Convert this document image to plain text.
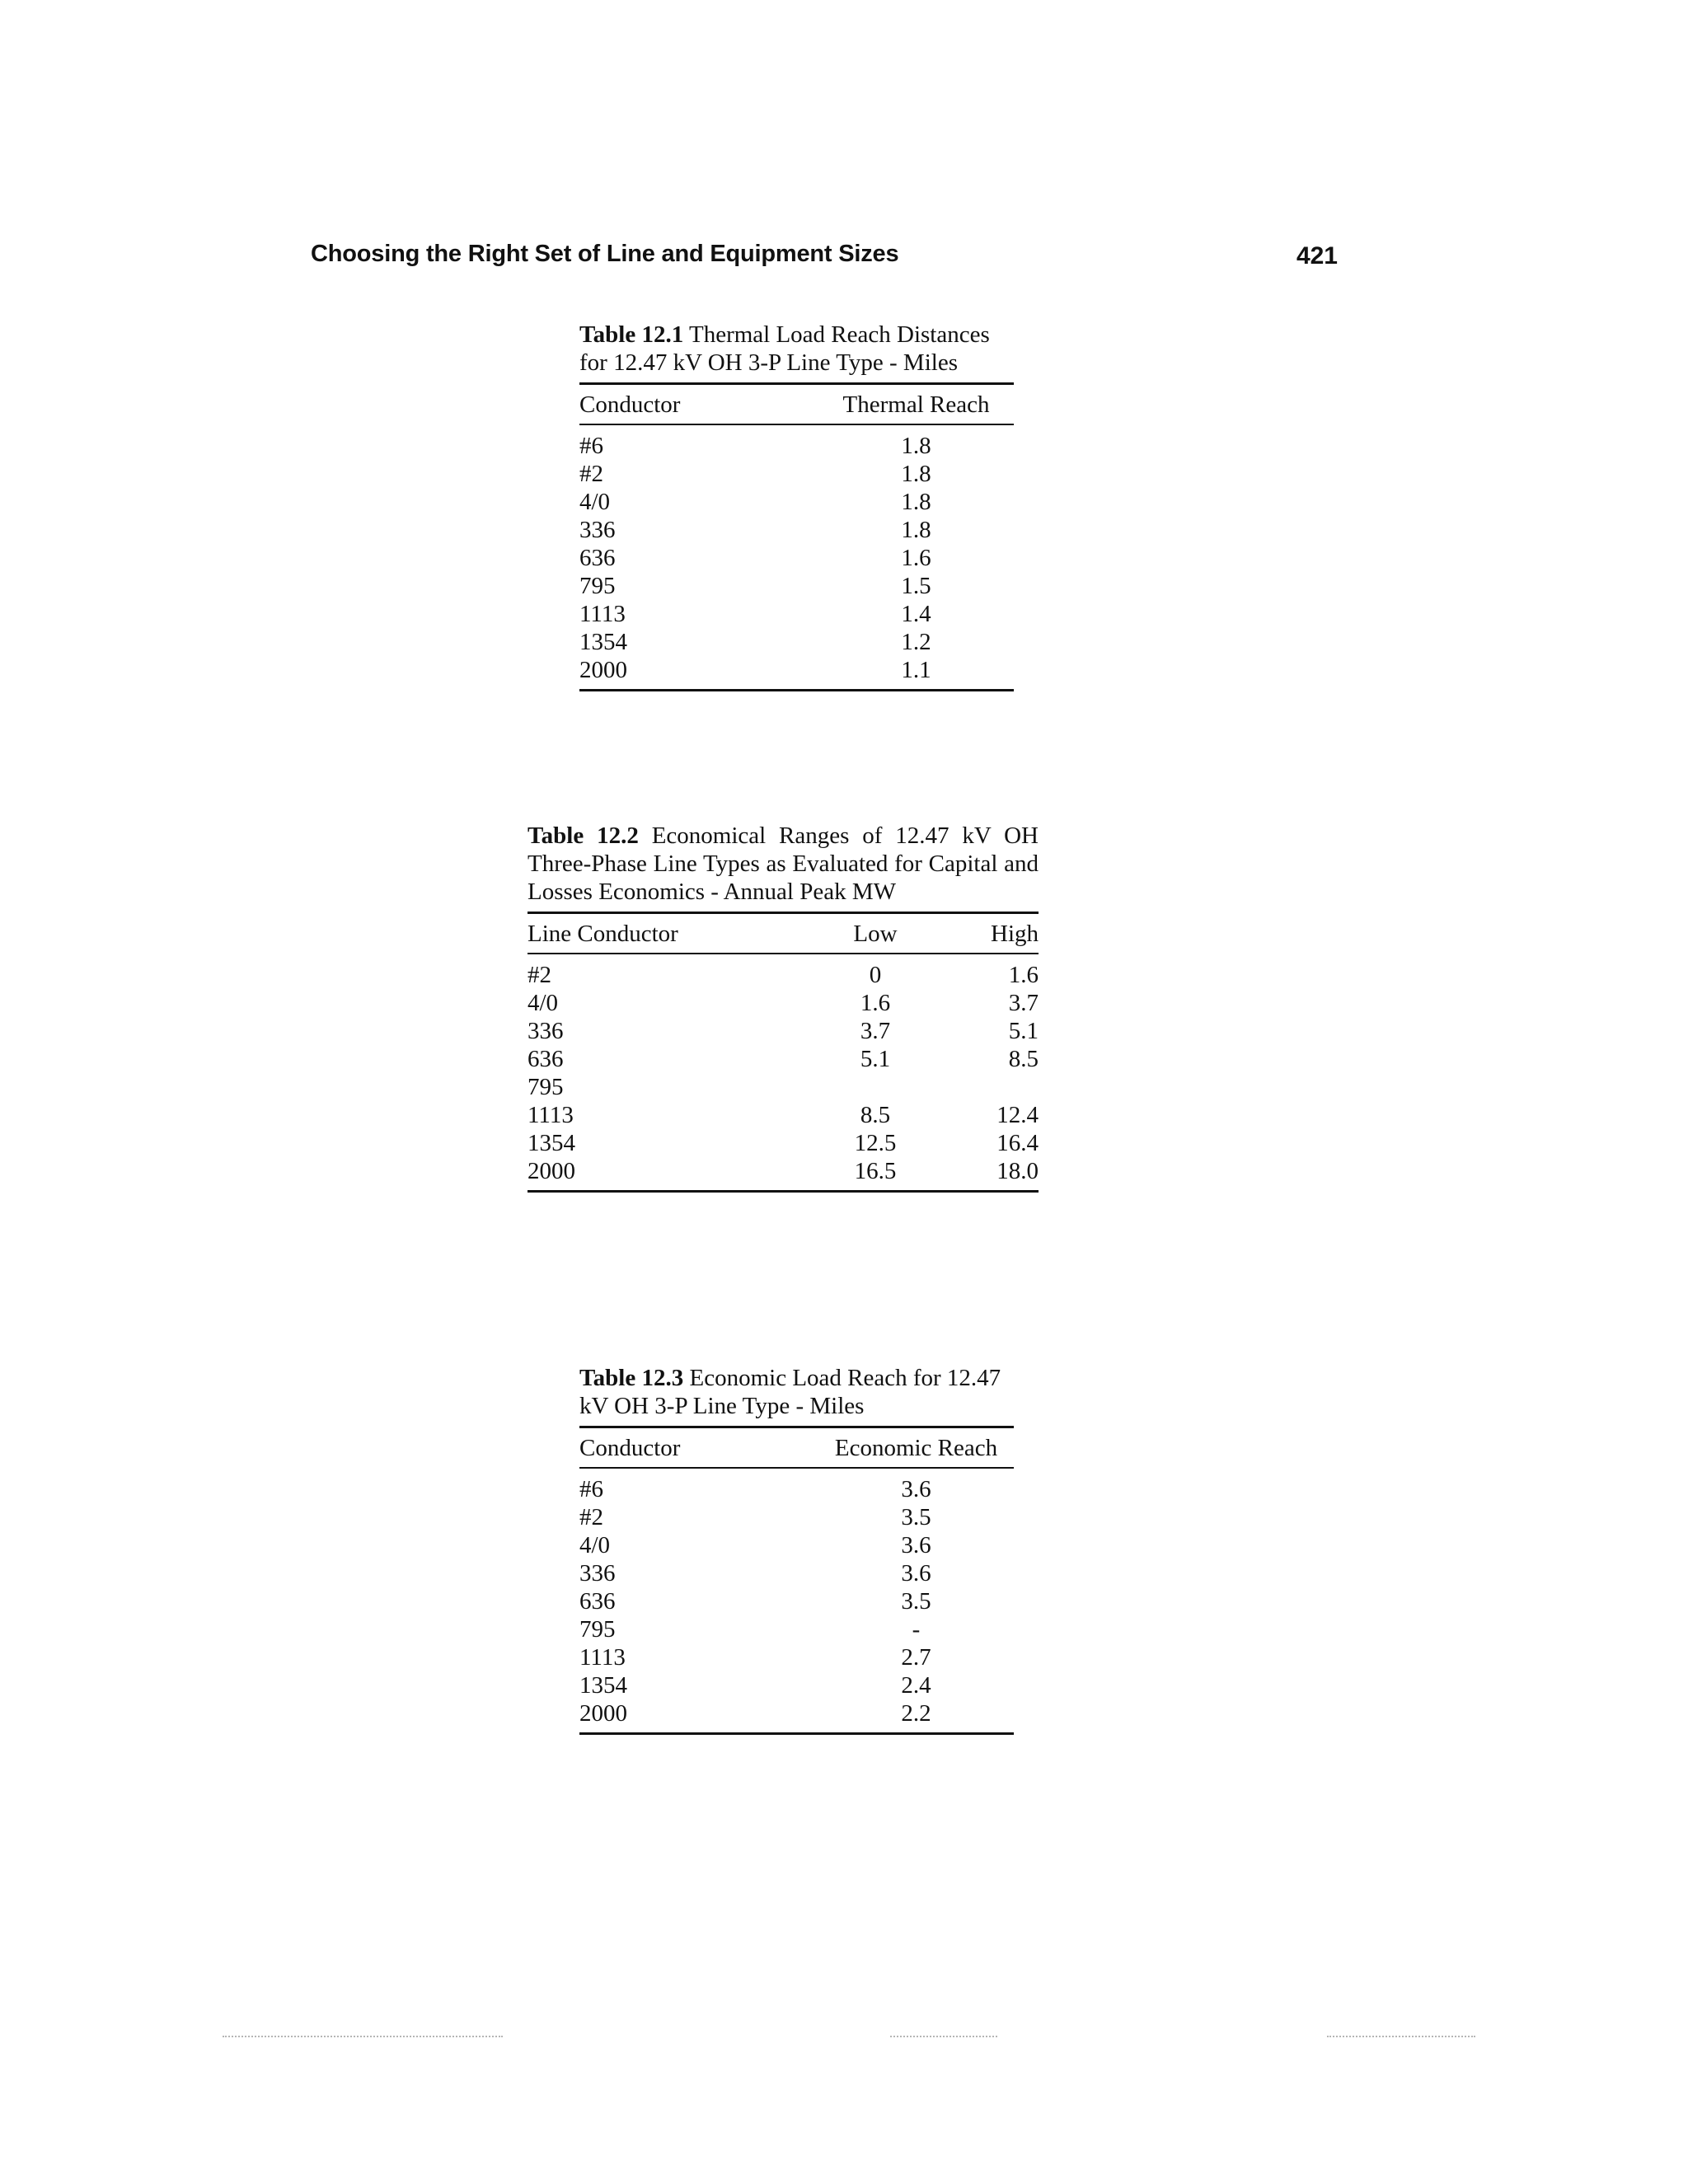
Choosing the Right Set of Line and Equipment Sizes	421
Table 12.1 Thermal Load Reach Distances for 12.47 kV OH 3-P Line Type - Miles
Conductor	Thermal Reach
#6	1.8
#2	1.8
4/0	1.8
336	1.8
636	1.6
795	1.5
1113	1.4
1354	1.2
2000	1.1
Table 12.2 Economical Ranges of 12.47 kV OH Three-Phase Line Types as Evaluated for Capital and Losses Economics - Annual Peak MW
Line Conductor	Low	High
#2	0	1.6
4/0	1.6	3.7
336	3.7	5.1
636	5.1	8.5
795
1113	8.5	12.4
1354	12.5	16.4
2000	16.5	18.0
Table 12.3 Economic Load Reach for 12.47 kV OH 3-P Line Type - Miles
Conductor	Economic Reach
#6	3.6
#2	3.5
4/0	3.6
336	3.6
636	3.5
795	-
1113	2.7
1354	2.4
2000	2.2
